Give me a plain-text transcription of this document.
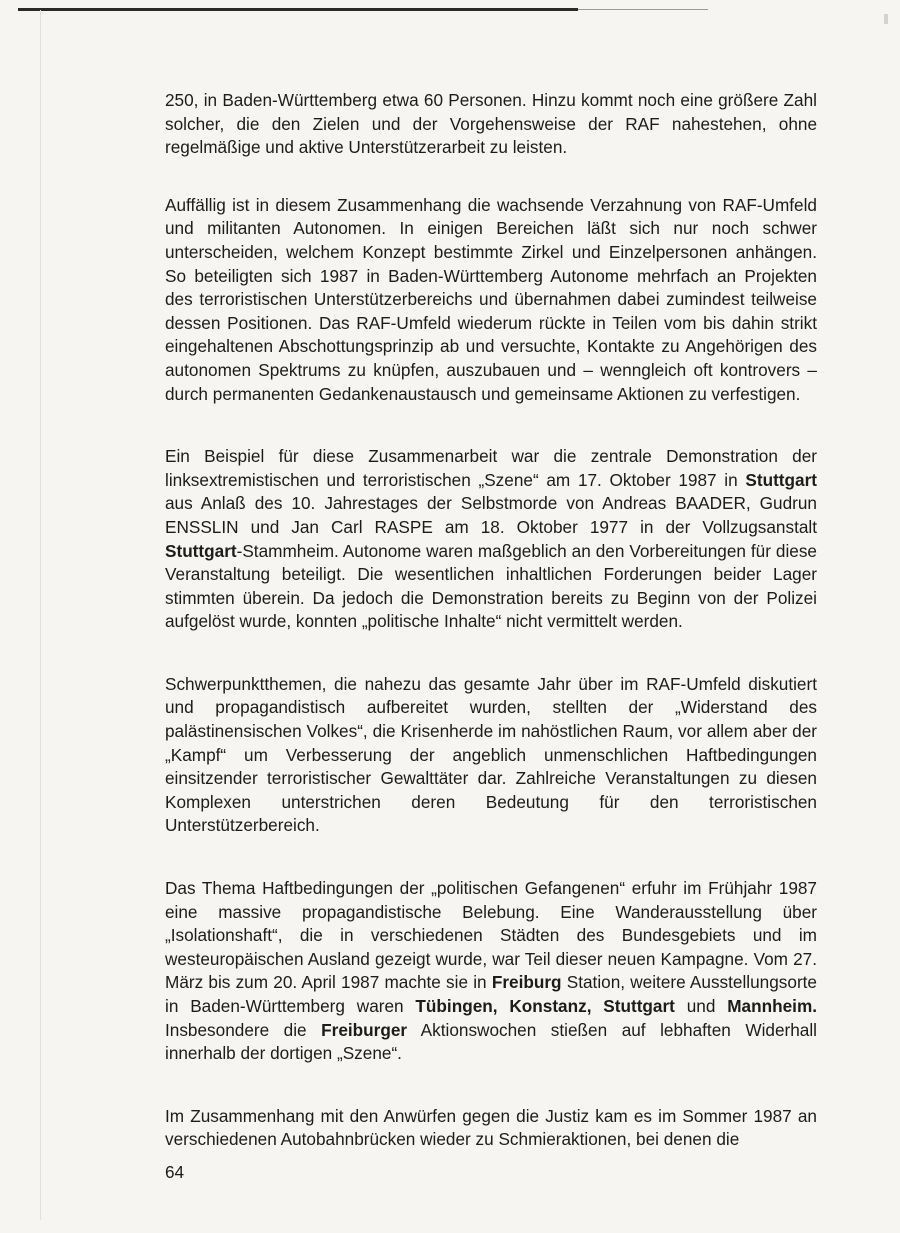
250, in Baden-Württemberg etwa 60 Personen. Hinzu kommt noch eine größere Zahl solcher, die den Zielen und der Vorgehensweise der RAF nahestehen, ohne regelmäßige und aktive Unterstützerarbeit zu leisten.

Auffällig ist in diesem Zusammenhang die wachsende Verzahnung von RAF-Umfeld und militanten Autonomen. In einigen Bereichen läßt sich nur noch schwer unterscheiden, welchem Konzept bestimmte Zirkel und Einzelpersonen anhängen. So beteiligten sich 1987 in Baden-Württemberg Autonome mehrfach an Projekten des terroristischen Unterstützerbereichs und übernahmen dabei zumindest teilweise dessen Positionen. Das RAF-Umfeld wiederum rückte in Teilen vom bis dahin strikt eingehaltenen Abschottungsprinzip ab und versuchte, Kontakte zu Angehörigen des autonomen Spektrums zu knüpfen, auszubauen und – wenngleich oft kontrovers – durch permanenten Gedankenaustausch und gemeinsame Aktionen zu verfestigen.

Ein Beispiel für diese Zusammenarbeit war die zentrale Demonstration der linksextremistischen und terroristischen „Szene“ am 17. Oktober 1987 in Stuttgart aus Anlaß des 10. Jahrestages der Selbstmorde von Andreas BAADER, Gudrun ENSSLIN und Jan Carl RASPE am 18. Oktober 1977 in der Vollzugsanstalt Stuttgart-Stammheim. Autonome waren maßgeblich an den Vorbereitungen für diese Veranstaltung beteiligt. Die wesentlichen inhaltlichen Forderungen beider Lager stimmten überein. Da jedoch die Demonstration bereits zu Beginn von der Polizei aufgelöst wurde, konnten „politische Inhalte“ nicht vermittelt werden.

Schwerpunktthemen, die nahezu das gesamte Jahr über im RAF-Umfeld diskutiert und propagandistisch aufbereitet wurden, stellten der „Widerstand des palästinensischen Volkes“, die Krisenherde im nahöstlichen Raum, vor allem aber der „Kampf“ um Verbesserung der angeblich unmenschlichen Haftbedingungen einsitzender terroristischer Gewalttäter dar. Zahlreiche Veranstaltungen zu diesen Komplexen unterstrichen deren Bedeutung für den terroristischen Unterstützerbereich.

Das Thema Haftbedingungen der „politischen Gefangenen“ erfuhr im Frühjahr 1987 eine massive propagandistische Belebung. Eine Wanderausstellung über „Isolationshaft“, die in verschiedenen Städten des Bundesgebiets und im westeuropäischen Ausland gezeigt wurde, war Teil dieser neuen Kampagne. Vom 27. März bis zum 20. April 1987 machte sie in Freiburg Station, weitere Ausstellungsorte in Baden-Württemberg waren Tübingen, Konstanz, Stuttgart und Mannheim. Insbesondere die Freiburger Aktionswochen stießen auf lebhaften Widerhall innerhalb der dortigen „Szene“.

Im Zusammenhang mit den Anwürfen gegen die Justiz kam es im Sommer 1987 an verschiedenen Autobahnbrücken wieder zu Schmieraktionen, bei denen die

64
